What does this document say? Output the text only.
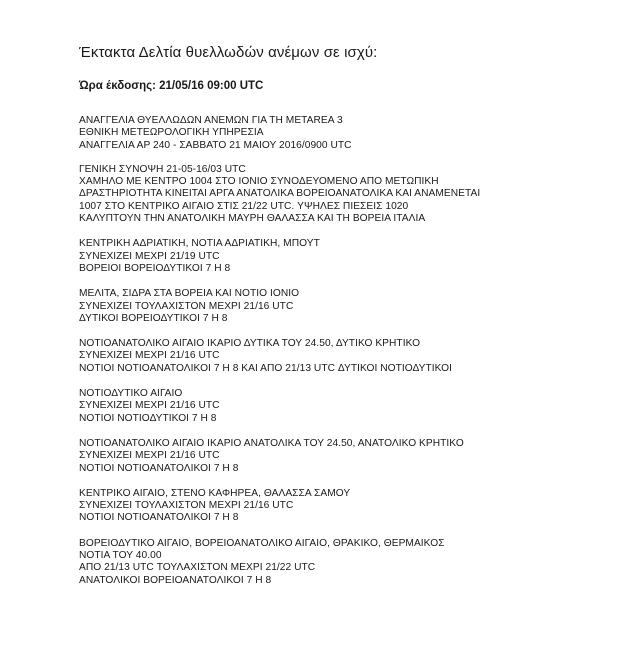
Έκτακτα Δελτία θυελλωδών ανέμων σε ισχύ:

Ώρα έκδοσης: 21/05/16 09:00 UTC

ΑΝΑΓΓΕΛΙΑ ΘΥΕΛΛΩΔΩΝ ΑΝΕΜΩΝ ΓΙΑ ΤΗ METAREA 3
ΕΘΝΙΚΗ ΜΕΤΕΩΡΟΛΟΓΙΚΗ ΥΠΗΡΕΣΙΑ
ΑΝΑΓΓΕΛΙΑ ΑΡ 240 - ΣΑΒΒΑΤΟ 21 ΜΑΙΟΥ 2016/0900 UTC
ΓΕΝΙΚΗ ΣΥΝΟΨΗ 21-05-16/03 UTC
ΧΑΜΗΛΟ ΜΕ ΚΕΝΤΡΟ 1004 ΣΤΟ ΙΟΝΙΟ ΣΥΝΟΔΕΥΟΜΕΝΟ ΑΠΟ ΜΕΤΩΠΙΚΗ
ΔΡΑΣΤΗΡΙΟΤΗΤΑ ΚΙΝΕΙΤΑΙ ΑΡΓΑ ΑΝΑΤΟΛΙΚΑ ΒΟΡΕΙΟΑΝΑΤΟΛΙΚΑ ΚΑΙ ΑΝΑΜΕΝΕΤΑΙ
1007 ΣΤΟ ΚΕΝΤΡΙΚΟ ΑΙΓΑΙΟ ΣΤΙΣ 21/22 UTC. ΥΨΗΛΕΣ ΠΙΕΣΕΙΣ 1020
ΚΑΛΥΠΤΟΥΝ ΤΗΝ ΑΝΑΤΟΛΙΚΗ ΜΑΥΡΗ ΘΑΛΑΣΣΑ ΚΑΙ ΤΗ ΒΟΡΕΙΑ ΙΤΑΛΙΑ
ΚΕΝΤΡΙΚΗ ΑΔΡΙΑΤΙΚΗ, ΝΟΤΙΑ ΑΔΡΙΑΤΙΚΗ, ΜΠΟΥΤ
ΣΥΝΕΧΙΖΕΙ ΜΕΧΡΙ 21/19 UTC
ΒΟΡΕΙΟΙ ΒΟΡΕΙΟΔΥΤΙΚΟΙ 7 Η 8
ΜΕΛΙΤΑ, ΣΙΔΡΑ ΣΤΑ ΒΟΡΕΙΑ ΚΑΙ ΝΟΤΙΟ ΙΟΝΙΟ
ΣΥΝΕΧΙΖΕΙ ΤΟΥΛΑΧΙΣΤΟΝ ΜΕΧΡΙ 21/16 UTC
ΔΥΤΙΚΟΙ ΒΟΡΕΙΟΔΥΤΙΚΟΙ 7 Η 8
ΝΟΤΙΟΑΝΑΤΟΛΙΚΟ ΑΙΓΑΙΟ ΙΚΑΡΙΟ ΔΥΤΙΚΑ ΤΟΥ 24.50, ΔΥΤΙΚΟ ΚΡΗΤΙΚΟ
ΣΥΝΕΧΙΖΕΙ ΜΕΧΡΙ 21/16 UTC
ΝΟΤΙΟΙ ΝΟΤΙΟΑΝΑΤΟΛΙΚΟΙ 7 Η 8 ΚΑΙ ΑΠΟ 21/13 UTC ΔΥΤΙΚΟΙ ΝΟΤΙΟΔΥΤΙΚΟΙ
ΝΟΤΙΟΔΥΤΙΚΟ ΑΙΓΑΙΟ
ΣΥΝΕΧΙΖΕΙ ΜΕΧΡΙ 21/16 UTC
ΝΟΤΙΟΙ ΝΟΤΙΟΔΥΤΙΚΟΙ 7 Η 8
ΝΟΤΙΟΑΝΑΤΟΛΙΚΟ ΑΙΓΑΙΟ ΙΚΑΡΙΟ ΑΝΑΤΟΛΙΚΑ ΤΟΥ 24.50, ΑΝΑΤΟΛΙΚΟ ΚΡΗΤΙΚΟ
ΣΥΝΕΧΙΖΕΙ ΜΕΧΡΙ 21/16 UTC
ΝΟΤΙΟΙ ΝΟΤΙΟΑΝΑΤΟΛΙΚΟΙ 7 Η 8
ΚΕΝΤΡΙΚΟ ΑΙΓΑΙΟ, ΣΤΕΝΟ ΚΑΦΗΡΕΑ, ΘΑΛΑΣΣΑ ΣΑΜΟΥ
ΣΥΝΕΧΙΖΕΙ ΤΟΥΛΑΧΙΣΤΟΝ ΜΕΧΡΙ 21/16 UTC
ΝΟΤΙΟΙ ΝΟΤΙΟΑΝΑΤΟΛΙΚΟΙ 7 Η 8
ΒΟΡΕΙΟΔΥΤΙΚΟ ΑΙΓΑΙΟ, ΒΟΡΕΙΟΑΝΑΤΟΛΙΚΟ ΑΙΓΑΙΟ, ΘΡΑΚΙΚΟ, ΘΕΡΜΑΙΚΟΣ
ΝΟΤΙΑ ΤΟΥ 40.00
ΑΠΟ 21/13 UTC ΤΟΥΛΑΧΙΣΤΟΝ ΜΕΧΡΙ 21/22 UTC
ΑΝΑΤΟΛΙΚΟΙ ΒΟΡΕΙΟΑΝΑΤΟΛΙΚΟΙ 7 Η 8
